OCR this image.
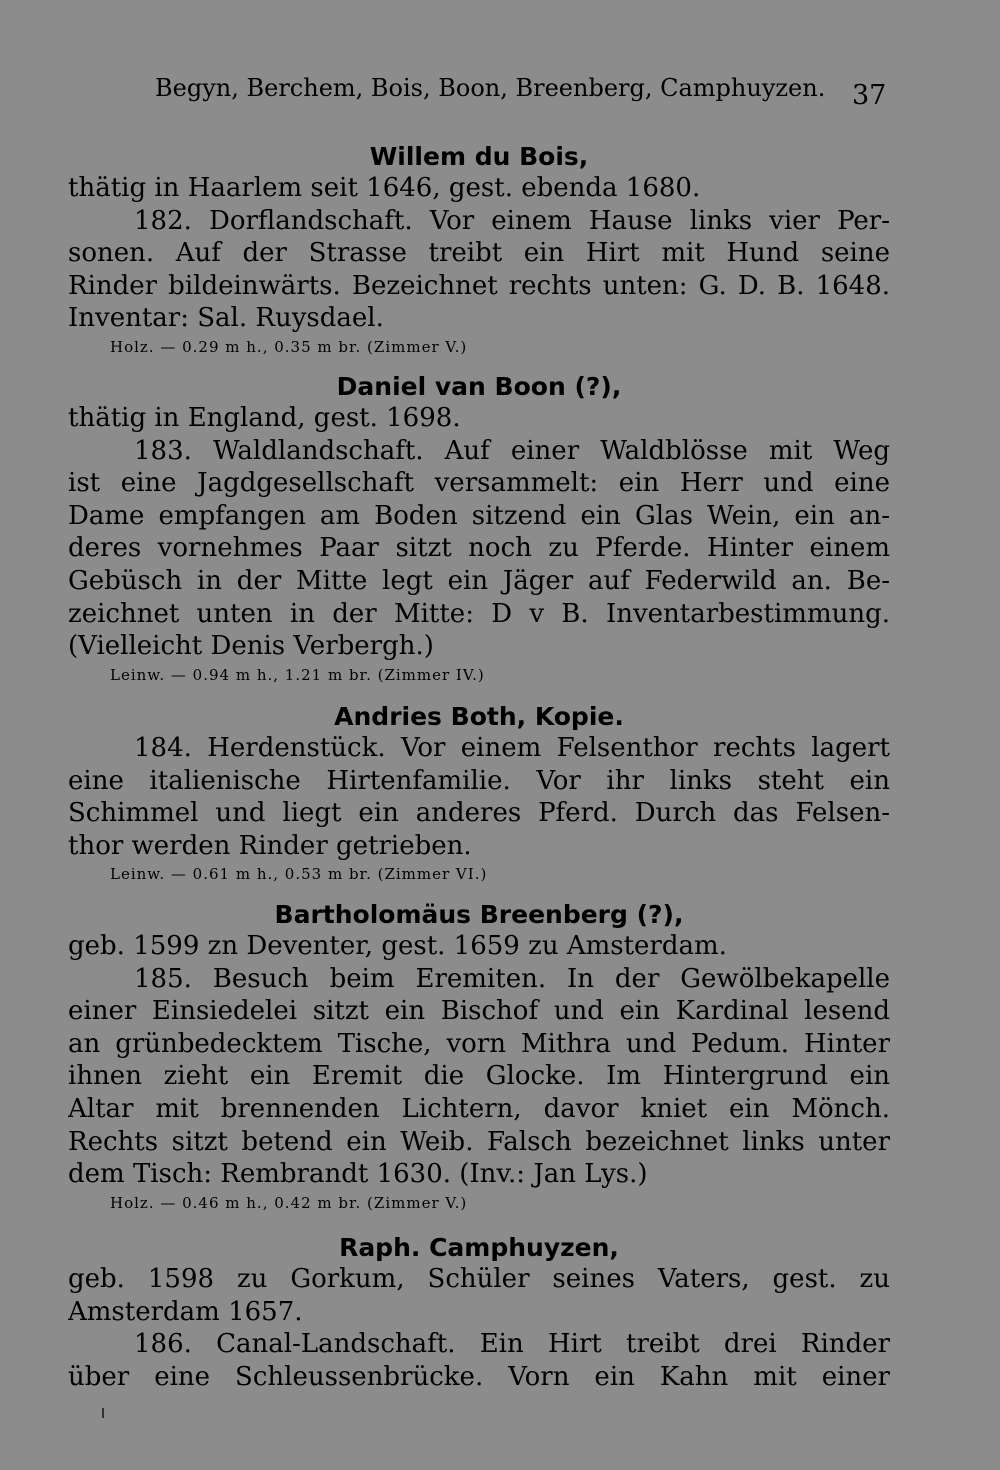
Begyn, Berchem, Bois, Boon, Breenberg, Camphuyzen. 37
Willem du Bois,
thätig in Haarlem seit 1646, gest. ebenda 1680.
182. Dorflandschaft. Vor einem Hause links vier Per-
sonen. Auf der Strasse treibt ein Hirt mit Hund seine
Rinder bildeinwärts. Bezeichnet rechts unten: G. D. B. 1648.
Inventar: Sal. Ruysdael.
Holz. — 0.29 m h., 0.35 m br. (Zimmer V.)
Daniel van Boon (?),
thätig in England, gest. 1698.
183. Waldlandschaft. Auf einer Waldblösse mit Weg
ist eine Jagdgesellschaft versammelt: ein Herr und eine
Dame empfangen am Boden sitzend ein Glas Wein, ein an-
deres vornehmes Paar sitzt noch zu Pferde. Hinter einem
Gebüsch in der Mitte legt ein Jäger auf Federwild an. Be-
zeichnet unten in der Mitte: D v B. Inventarbestimmung.
(Vielleicht Denis Verbergh.)
Leinw. — 0.94 m h., 1.21 m br. (Zimmer IV.)
Andries Both, Kopie.
184. Herdenstück. Vor einem Felsenthor rechts lagert
eine italienische Hirtenfamilie. Vor ihr links steht ein
Schimmel und liegt ein anderes Pferd. Durch das Felsen-
thor werden Rinder getrieben.
Leinw. — 0.61 m h., 0.53 m br. (Zimmer VI.)
Bartholomäus Breenberg (?),
geb. 1599 zn Deventer, gest. 1659 zu Amsterdam.
185. Besuch beim Eremiten. In der Gewölbekapelle
einer Einsiedelei sitzt ein Bischof und ein Kardinal lesend
an grünbedecktem Tische, vorn Mithra und Pedum. Hinter
ihnen zieht ein Eremit die Glocke. Im Hintergrund ein
Altar mit brennenden Lichtern, davor kniet ein Mönch.
Rechts sitzt betend ein Weib. Falsch bezeichnet links unter
dem Tisch: Rembrandt 1630. (Inv.: Jan Lys.)
Holz. — 0.46 m h., 0.42 m br. (Zimmer V.)
Raph. Camphuyzen,
geb. 1598 zu Gorkum, Schüler seines Vaters, gest. zu
Amsterdam 1657.
186. Canal-Landschaft. Ein Hirt treibt drei Rinder
über eine Schleussenbrücke. Vorn ein Kahn mit einer
